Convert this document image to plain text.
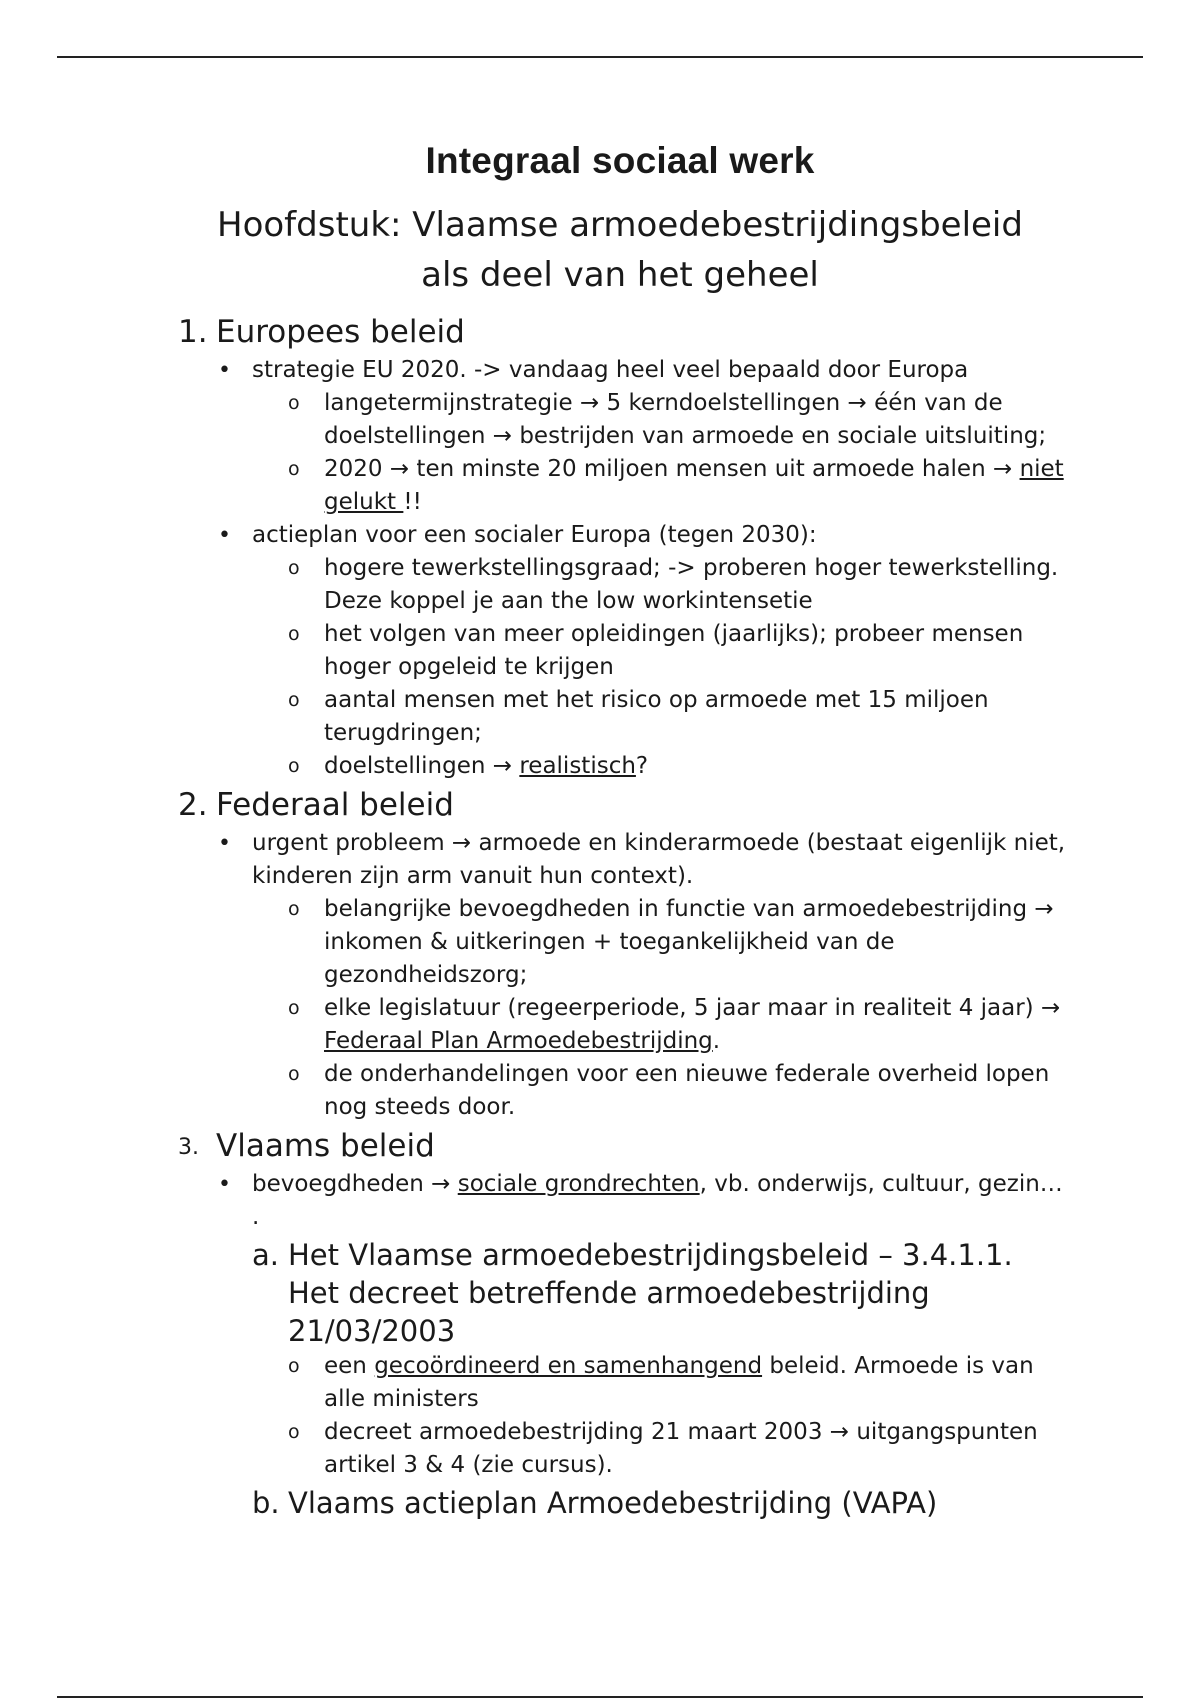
Integraal sociaal werk
Hoofdstuk: Vlaamse armoedebestrijdingsbeleid
als deel van het geheel
1. Europees beleid
• strategie EU 2020. -> vandaag heel veel bepaald door Europa
o langetermijnstrategie → 5 kerndoelstellingen → één van de doelstellingen → bestrijden van armoede en sociale uitsluiting;
o 2020 → ten minste 20 miljoen mensen uit armoede halen → niet gelukt !!
• actieplan voor een socialer Europa (tegen 2030):
o hogere tewerkstellingsgraad; -> proberen hoger tewerkstelling. Deze koppel je aan the low workintensetie
o het volgen van meer opleidingen (jaarlijks); probeer mensen hoger opgeleid te krijgen
o aantal mensen met het risico op armoede met 15 miljoen terugdringen;
o doelstellingen → realistisch?
2. Federaal beleid
• urgent probleem → armoede en kinderarmoede (bestaat eigenlijk niet, kinderen zijn arm vanuit hun context).
o belangrijke bevoegdheden in functie van armoedebestrijding → inkomen & uitkeringen + toegankelijkheid van de gezondheidszorg;
o elke legislatuur (regeerperiode, 5 jaar maar in realiteit 4 jaar) → Federaal Plan Armoedebestrijding.
o de onderhandelingen voor een nieuwe federale overheid lopen nog steeds door.
3. Vlaams beleid
• bevoegdheden → sociale grondrechten, vb. onderwijs, cultuur, gezin… .
a. Het Vlaamse armoedebestrijdingsbeleid – 3.4.1.1. Het decreet betreffende armoedebestrijding 21/03/2003
o een gecoördineerd en samenhangend beleid. Armoede is van alle ministers
o decreet armoedebestrijding 21 maart 2003 → uitgangspunten artikel 3 & 4 (zie cursus).
b. Vlaams actieplan Armoedebestrijding (VAPA)
